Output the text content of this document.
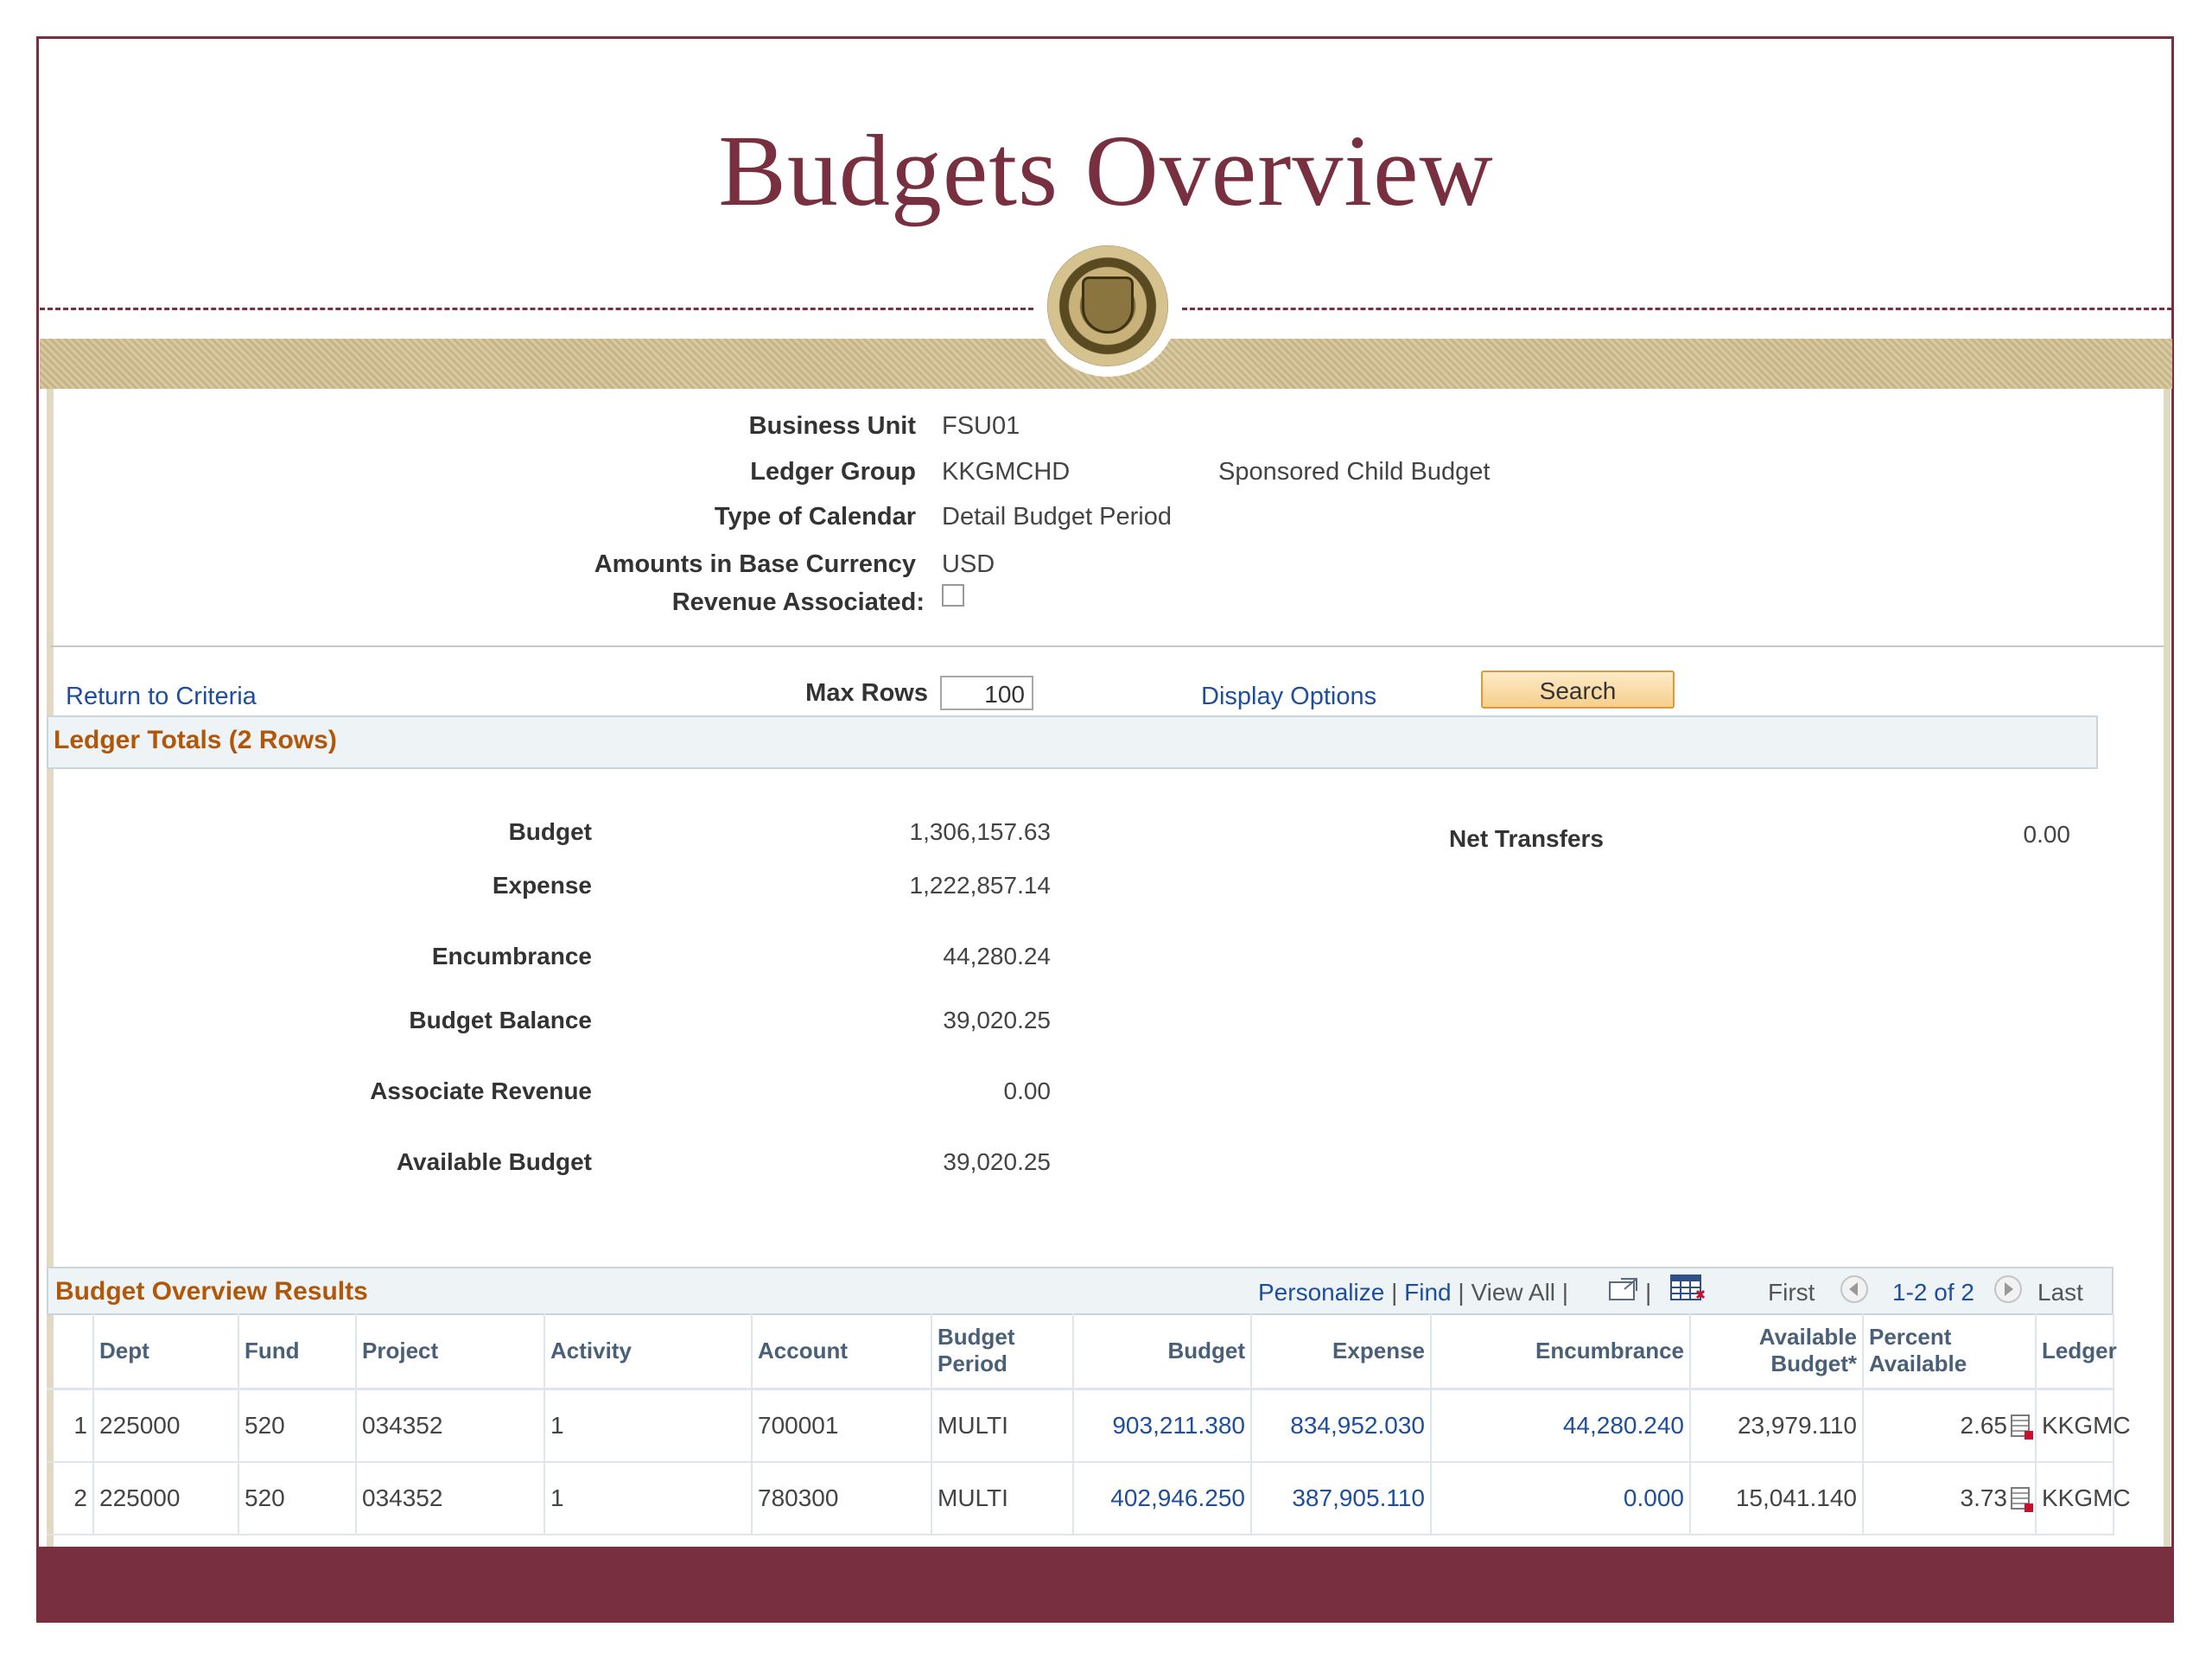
Budgets Overview
Business Unit FSU01
Ledger Group KKGMCHD	Sponsored Child Budget
Type of Calendar Detail Budget Period
Amounts in Base Currency USD
Revenue Associated:
Return to Criteria	Max Rows	100	Display Options	Search
Ledger Totals (2 Rows)
Budget	1,306,157.63
Expense	1,222,857.14
Encumbrance	44,280.24
Budget Balance	39,020.25
Associate Revenue	0.00
Available Budget	39,020.25
Net Transfers	0.00
Budget Overview Results	Personalize | Find | View All |	|	First	1-2 of 2	Last
	Dept	Fund	Project	Activity	Account	Budget Period	Budget	Expense	Encumbrance	Available Budget*	Percent Available	Ledger
1	225000	520	034352	1	700001	MULTI	903,211.380	834,952.030	44,280.240	23,979.110	2.65	KKGMC
2	225000	520	034352	1	780300	MULTI	402,946.250	387,905.110	0.000	15,041.140	3.73	KKGMC
